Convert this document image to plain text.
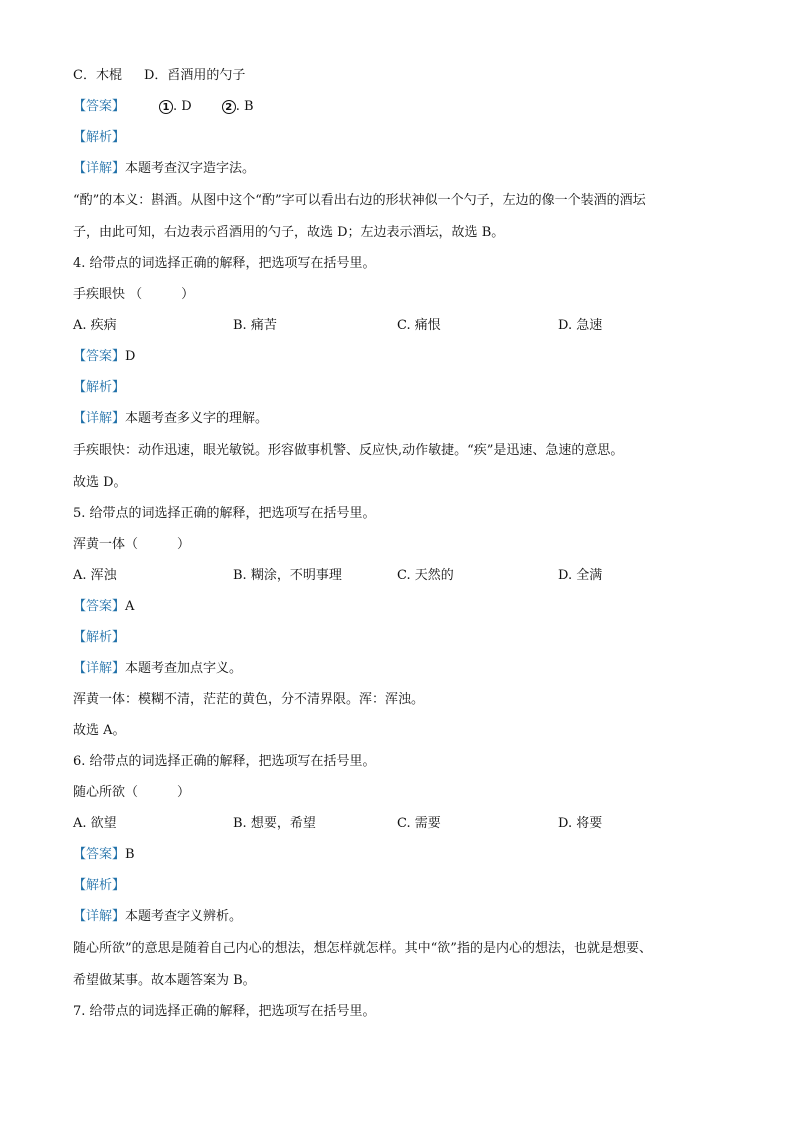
C．木棍 D．舀酒用的勺子
【答案】	1 . D	2 . B
【解析】
【详解】本题考查汉字造字法。
“酌”的本义：斟酒。从图中这个“酌”字可以看出右边的形状神似一个勺子，左边的像一个装酒的酒坛
子，由此可知，右边表示舀酒用的勺子，故选 D；左边表示酒坛，故选 B。
4. 给带点的词选择正确的解释，把选项写在括号里。
手疾眼快 （　　　）
A. 疾病	B. 痛苦	C. 痛恨	D. 急速
【答案】D
【解析】
【详解】本题考查多义字的理解。
手疾眼快：动作迅速，眼光敏锐。形容做事机警、反应快,动作敏捷。“疾”是迅速、急速的意思。
故选 D。
5. 给带点的词选择正确的解释，把选项写在括号里。
浑黄一体（　　　）
A. 浑浊	B. 糊涂，不明事理	C. 天然的	D. 全满
【答案】A
【解析】
【详解】本题考查加点字义。
浑黄一体：模糊不清，茫茫的黄色，分不清界限。浑：浑浊。
故选 A。
6. 给带点的词选择正确的解释，把选项写在括号里。
随心所欲（　　　）
A. 欲望	B. 想要，希望	C. 需要	D. 将要
【答案】B
【解析】
【详解】本题考查字义辨析。
随心所欲”的意思是随着自己内心的想法，想怎样就怎样。其中“欲”指的是内心的想法，也就是想要、
希望做某事。故本题答案为 B。
7. 给带点的词选择正确的解释，把选项写在括号里。
